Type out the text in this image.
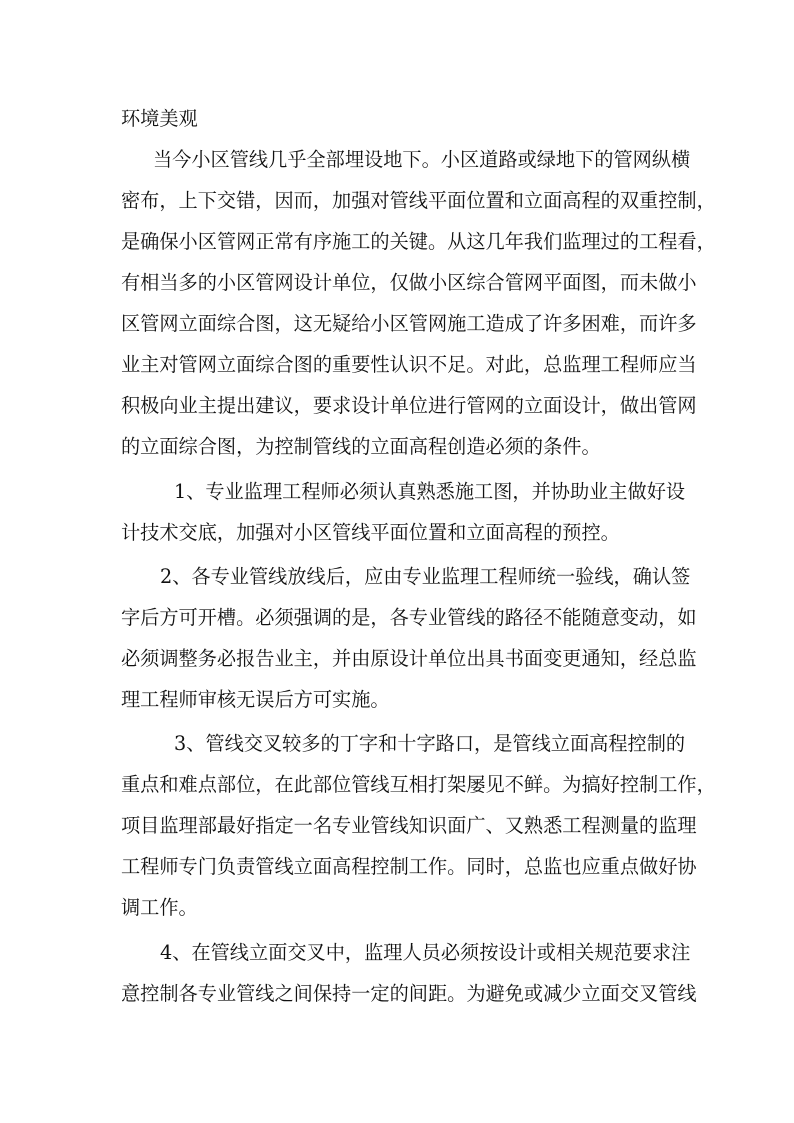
环境美观
当今小区管线几乎全部埋设地下。小区道路或绿地下的管网纵横
密布，上下交错，因而，加强对管线平面位置和立面高程的双重控制，
是确保小区管网正常有序施工的关键。从这几年我们监理过的工程看，
有相当多的小区管网设计单位，仅做小区综合管网平面图，而未做小
区管网立面综合图，这无疑给小区管网施工造成了许多困难，而许多
业主对管网立面综合图的重要性认识不足。对此，总监理工程师应当
积极向业主提出建议，要求设计单位进行管网的立面设计，做出管网
的立面综合图，为控制管线的立面高程创造必须的条件。
1、专业监理工程师必须认真熟悉施工图，并协助业主做好设
计技术交底，加强对小区管线平面位置和立面高程的预控。
2、各专业管线放线后，应由专业监理工程师统一验线，确认签
字后方可开槽。必须强调的是，各专业管线的路径不能随意变动，如
必须调整务必报告业主，并由原设计单位出具书面变更通知，经总监
理工程师审核无误后方可实施。
3、管线交叉较多的丁字和十字路口，是管线立面高程控制的
重点和难点部位，在此部位管线互相打架屡见不鲜。为搞好控制工作，
项目监理部最好指定一名专业管线知识面广、又熟悉工程测量的监理
工程师专门负责管线立面高程控制工作。同时，总监也应重点做好协
调工作。
4、在管线立面交叉中，监理人员必须按设计或相关规范要求注
意控制各专业管线之间保持一定的间距。为避免或减少立面交叉管线
